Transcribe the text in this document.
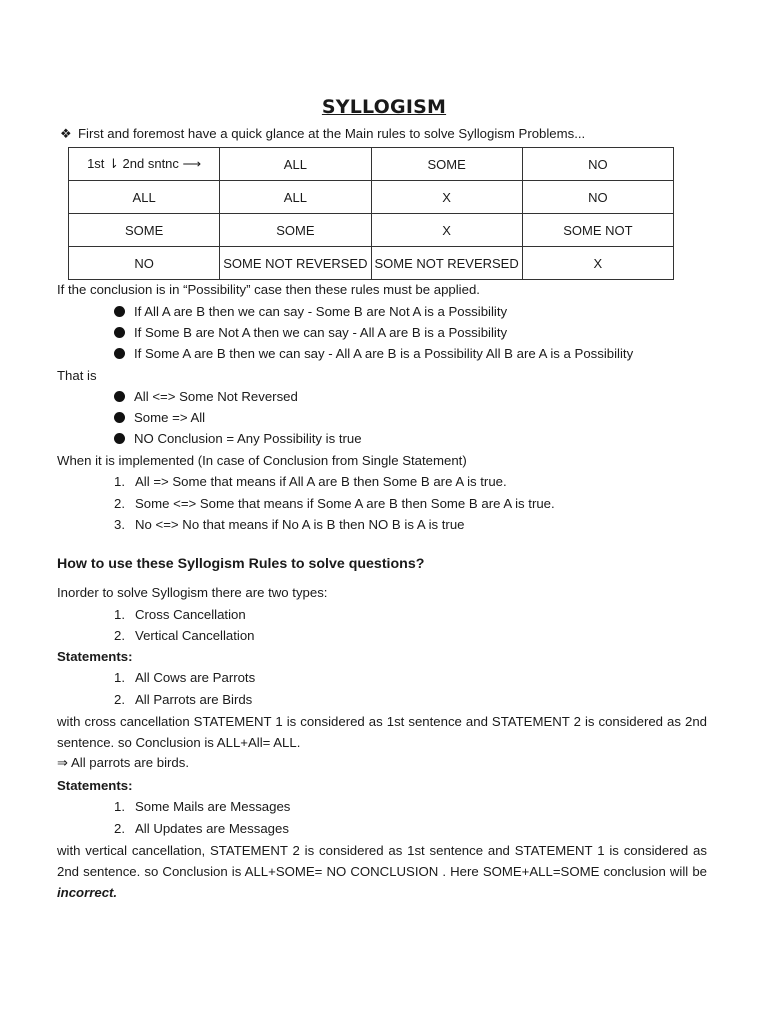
SYLLOGISM
❖ First and foremost have a quick glance at the Main rules to solve Syllogism Problems...
1st ⇂ 2nd sntnc ⟶	ALL	SOME	NO
ALL	ALL	X	NO
SOME	SOME	X	SOME NOT
NO	SOME NOT REVERSED	SOME NOT REVERSED	X
If the conclusion is in “Possibility” case then these rules must be applied.
If All A are B then we can say - Some B are Not A is a Possibility
If Some B are Not A then we can say - All A are B is a Possibility
If Some A are B then we can say - All A are B is a Possibility All B are A is a Possibility
That is
All <=> Some Not Reversed
Some => All
NO Conclusion = Any Possibility is true
When it is implemented (In case of Conclusion from Single Statement)
1. All => Some that means if All A are B then Some B are A is true.
2. Some <=> Some that means if Some A are B then Some B are A is true.
3. No <=> No that means if No A is B then NO B is A is true
How to use these Syllogism Rules to solve questions?
Inorder to solve Syllogism there are two types:
1. Cross Cancellation
2. Vertical Cancellation
Statements:
1. All Cows are Parrots
2. All Parrots are Birds
with cross cancellation STATEMENT 1 is considered as 1st sentence and STATEMENT 2 is considered as 2nd sentence. so Conclusion is ALL+All= ALL.
⇒ All parrots are birds.
Statements:
1. Some Mails are Messages
2. All Updates are Messages
with vertical cancellation, STATEMENT 2 is considered as 1st sentence and STATEMENT 1 is considered as 2nd sentence. so Conclusion is ALL+SOME= NO CONCLUSION . Here SOME+ALL=SOME conclusion will be incorrect.
